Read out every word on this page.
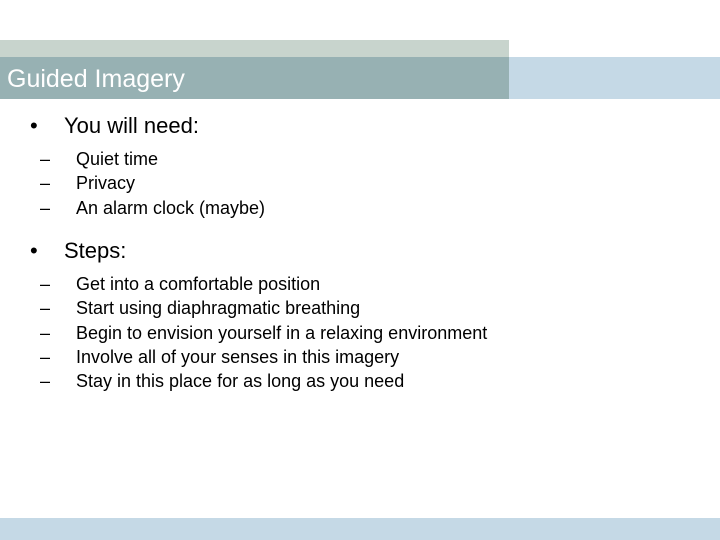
Guided Imagery
•	You will need:
–	Quiet time
–	Privacy
–	An alarm clock (maybe)
•	Steps:
–	Get into a comfortable position
–	Start using diaphragmatic breathing
–	Begin to envision yourself in a relaxing environment
–	Involve all of your senses in this imagery
–	Stay in this place for as long as you need
